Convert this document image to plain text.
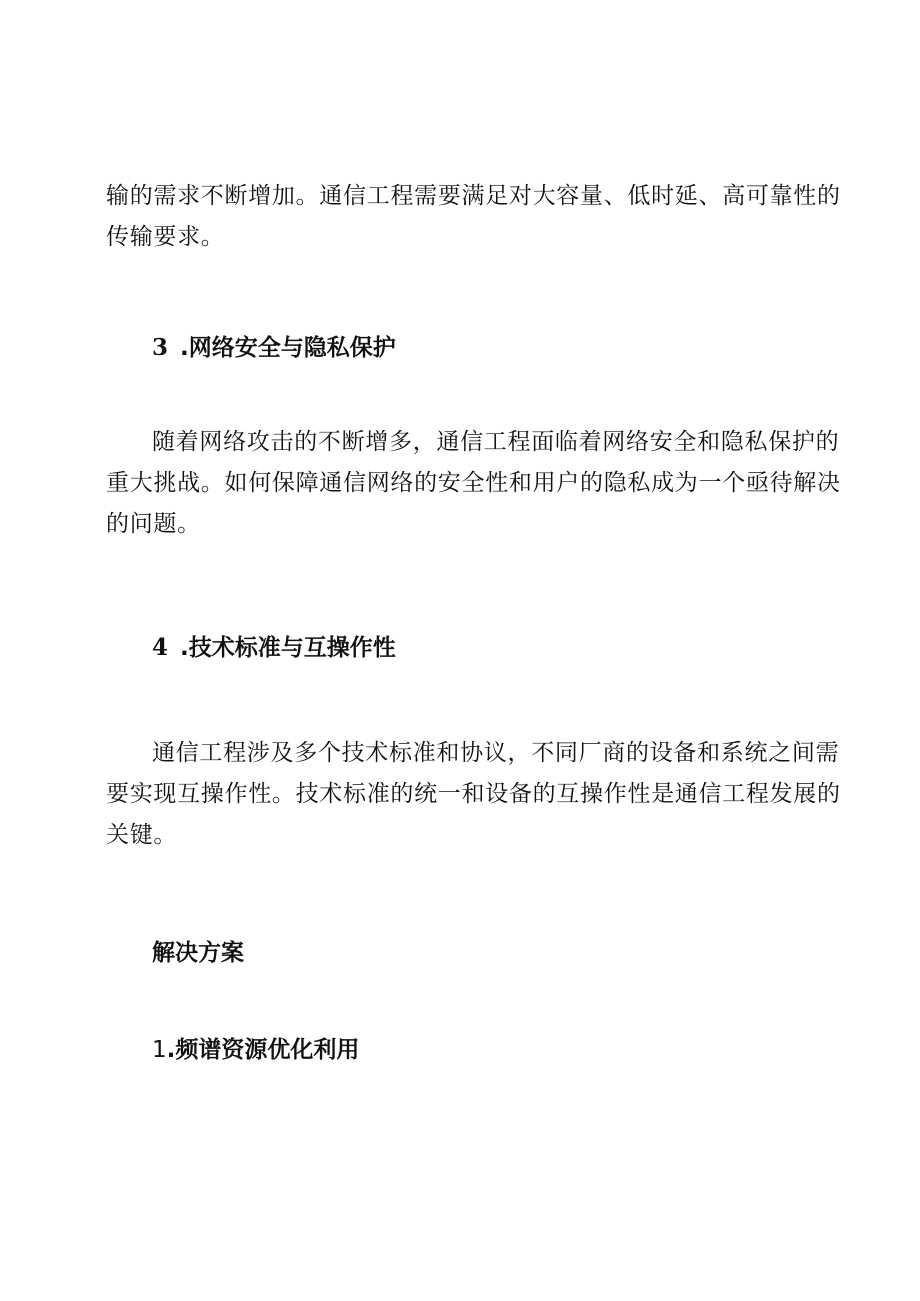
输的需求不断增加。通信工程需要满足对大容量、低时延、高可靠性的
传输要求。
3 .网络安全与隐私保护
随着网络攻击的不断增多，通信工程面临着网络安全和隐私保护的
重大挑战。如何保障通信网络的安全性和用户的隐私成为一个亟待解决
的问题。
4 .技术标准与互操作性
通信工程涉及多个技术标准和协议，不同厂商的设备和系统之间需
要实现互操作性。技术标准的统一和设备的互操作性是通信工程发展的
关键。
解决方案
1.频谱资源优化利用
